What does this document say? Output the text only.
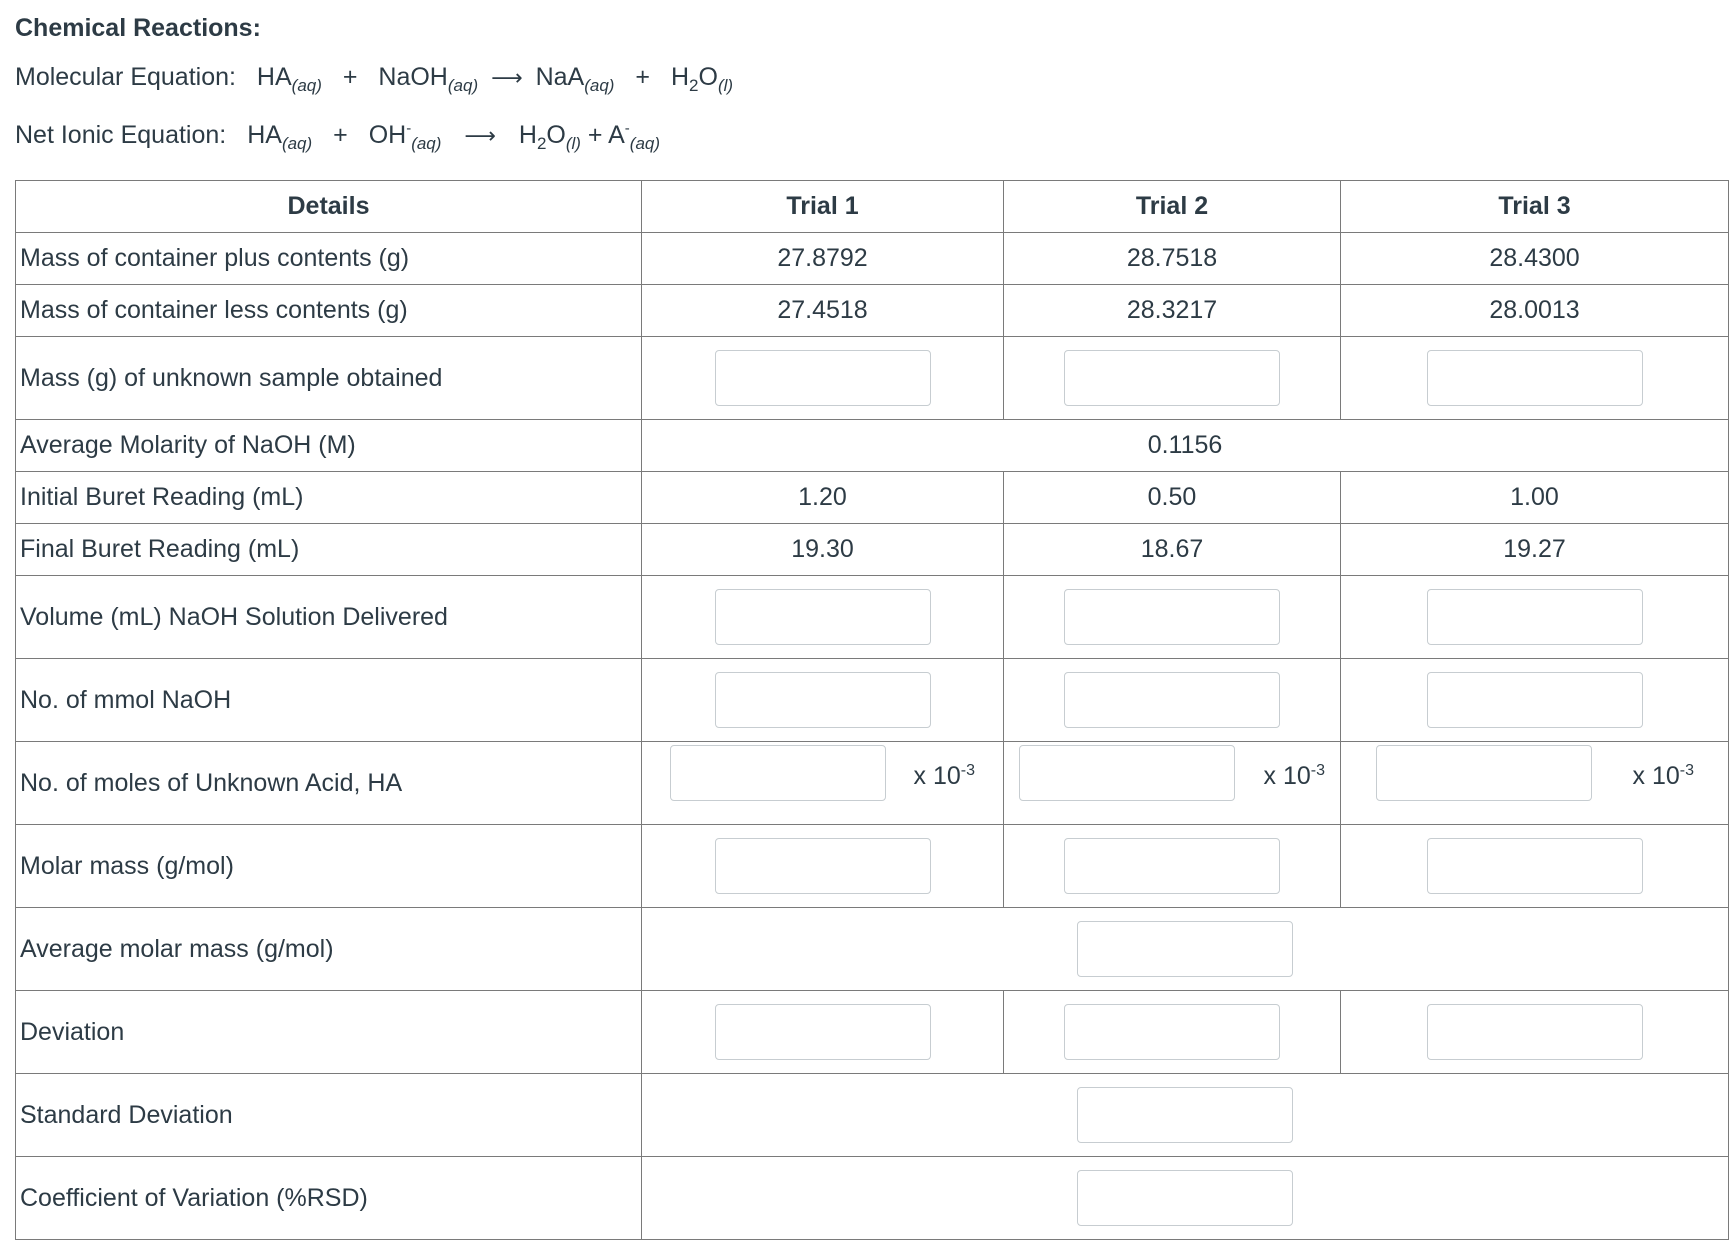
Chemical Reactions:
Molecular Equation: $HA_{(aq)}$ + NaOH$_{(aq)}$ ⟶ $NaA_{(aq)} + H_2O_{(l)}$
Net Ionic Equation: $HA_{(aq)} + OH^-_{(aq)}$ ⟶ $H_2O_{(l)} + A^-_{(aq)}$
Details	Trial 1	Trial 2	Trial 3
Mass of container plus contents (g)	27.8792	28.7518	28.4300
Mass of container less contents (g)	27.4518	28.3217	28.0013
Mass (g) of unknown sample obtained	

Average Molarity of NaOH (M)	0.1156		
Initial Buret Reading (mL)	1.20	0.50	1.00
Final Buret Reading (mL)	19.30	18.67	19.27
Volume (mL) NaOH Solution Delivered	

No. of mmol NaOH	

No. of moles of Unknown Acid, HA	x $10^{-3}$	x $10^{-3}$	x $10^{-3}$

Molar mass (g/mol)	

Average molar mass (g/mol)	

Deviation	

Standard Deviation	

Coefficient of Variation (%RSD)	
